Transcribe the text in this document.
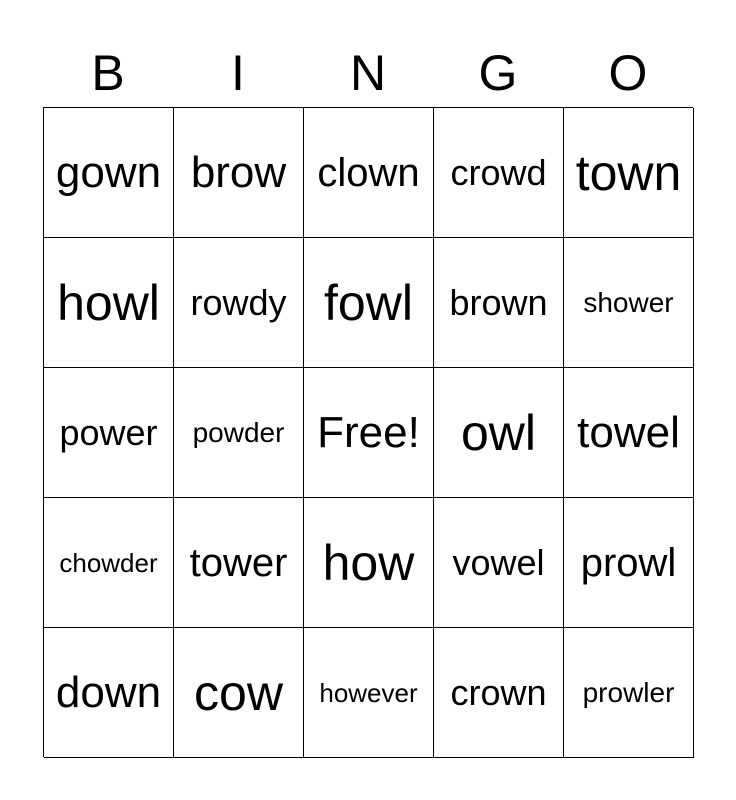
B	I	N	G	O
gown brow clown crowd town
howl rowdy fowl	brown	shower
power	powder Free! owl towel
chowder tower how	vowel prowl
down cow	however crown	prowler
